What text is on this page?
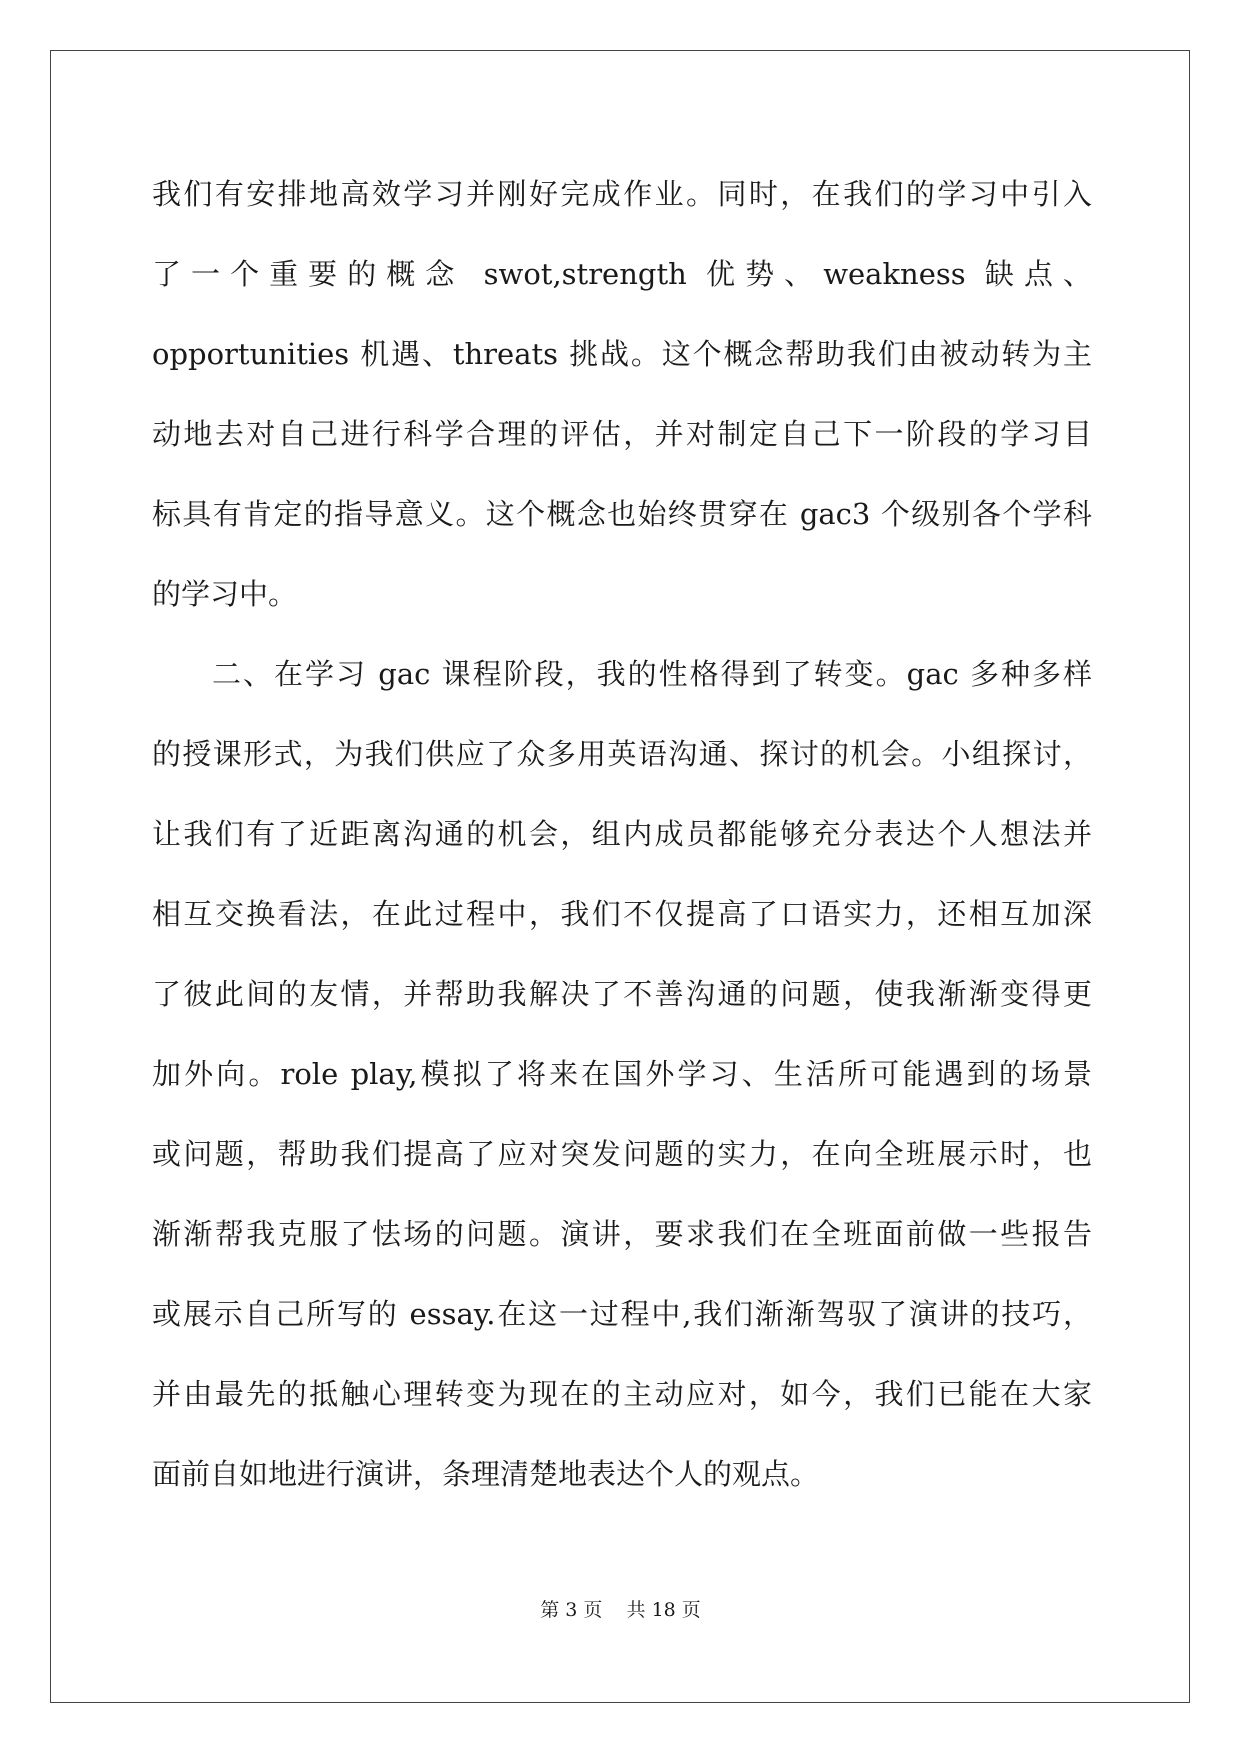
我们有安排地高效学习并刚好完成作业。同时，在我们的学习中引入
了一个重要的概念 swot,strength 优势、weakness 缺点、
opportunities 机遇、threats 挑战。这个概念帮助我们由被动转为主
动地去对自己进行科学合理的评估，并对制定自己下一阶段的学习目
标具有肯定的指导意义。这个概念也始终贯穿在 gac3 个级别各个学科
的学习中。
二、在学习 gac 课程阶段，我的性格得到了转变。gac 多种多样
的授课形式，为我们供应了众多用英语沟通、探讨的机会。小组探讨，
让我们有了近距离沟通的机会，组内成员都能够充分表达个人想法并
相互交换看法，在此过程中，我们不仅提高了口语实力，还相互加深
了彼此间的友情，并帮助我解决了不善沟通的问题，使我渐渐变得更
加外向。role play,模拟了将来在国外学习、生活所可能遇到的场景
或问题，帮助我们提高了应对突发问题的实力，在向全班展示时，也
渐渐帮我克服了怯场的问题。演讲，要求我们在全班面前做一些报告
或展示自己所写的 essay.在这一过程中,我们渐渐驾驭了演讲的技巧，
并由最先的抵触心理转变为现在的主动应对，如今，我们已能在大家
面前自如地进行演讲，条理清楚地表达个人的观点。
第 3 页    共 18 页
